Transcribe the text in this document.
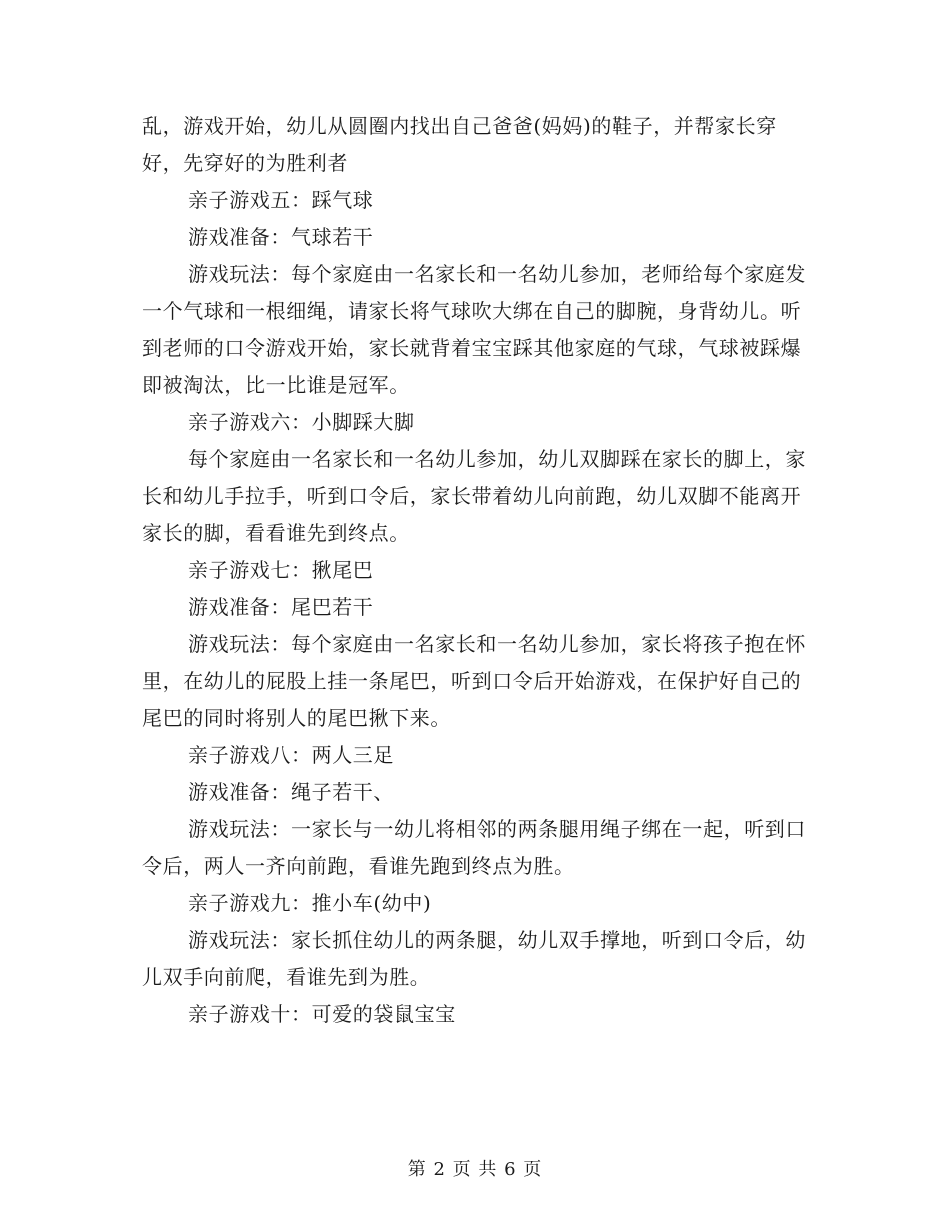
乱，游戏开始，幼儿从圆圈内找出自己爸爸(妈妈)的鞋子，并帮家长穿好，先穿好的为胜利者

亲子游戏五：踩气球

游戏准备：气球若干

游戏玩法：每个家庭由一名家长和一名幼儿参加，老师给每个家庭发一个气球和一根细绳，请家长将气球吹大绑在自己的脚腕，身背幼儿。听到老师的口令游戏开始，家长就背着宝宝踩其他家庭的气球，气球被踩爆即被淘汰，比一比谁是冠军。

亲子游戏六：小脚踩大脚

每个家庭由一名家长和一名幼儿参加，幼儿双脚踩在家长的脚上，家长和幼儿手拉手，听到口令后，家长带着幼儿向前跑，幼儿双脚不能离开家长的脚，看看谁先到终点。

亲子游戏七：揪尾巴

游戏准备：尾巴若干

游戏玩法：每个家庭由一名家长和一名幼儿参加，家长将孩子抱在怀里，在幼儿的屁股上挂一条尾巴，听到口令后开始游戏，在保护好自己的尾巴的同时将别人的尾巴揪下来。

亲子游戏八：两人三足

游戏准备：绳子若干、

游戏玩法：一家长与一幼儿将相邻的两条腿用绳子绑在一起，听到口令后，两人一齐向前跑，看谁先跑到终点为胜。

亲子游戏九：推小车(幼中)

游戏玩法：家长抓住幼儿的两条腿，幼儿双手撑地，听到口令后，幼儿双手向前爬，看谁先到为胜。

亲子游戏十：可爱的袋鼠宝宝

第 2 页 共 6 页
